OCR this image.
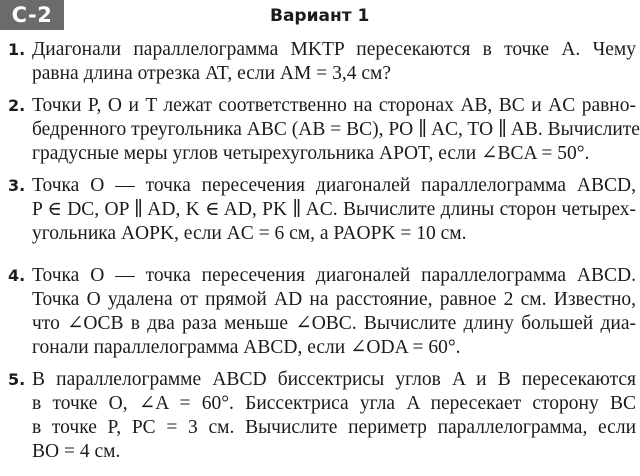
C-2	Вариант 1
1. Диагонали параллелограмма MKTP пересекаются в точке A. Чему
равна длина отрезка AT, если AM = 3,4 см?
2. Точки P, O и T лежат соответственно на сторонах AB, BC и AC равно-
бедренного треугольника ABC (AB = BC), PO ∥ AC, TO ∥ AB. Вычислите
градусные меры углов четырехугольника APOT, если ∠BCA = 50°.
3. Точка O — точка пересечения диагоналей параллелограмма ABCD,
P ∈ DC, OP ∥ AD, K ∈ AD, PK ∥ AC. Вычислите длины сторон четырех-
угольника AOPK, если AC = 6 см, а PAOPK = 10 см.
4. Точка O — точка пересечения диагоналей параллелограмма ABCD.
Точка O удалена от прямой AD на расстояние, равное 2 см. Известно,
что ∠OCB в два раза меньше ∠OBC. Вычислите длину большей диа-
гонали параллелограмма ABCD, если ∠ODA = 60°.
5. В параллелограмме ABCD биссектрисы углов A и B пересекаются
в точке O, ∠A = 60°. Биссектриса угла A пересекает сторону BC
в точке P, PC = 3 см. Вычислите периметр параллелограмма, если
BO = 4 см.
